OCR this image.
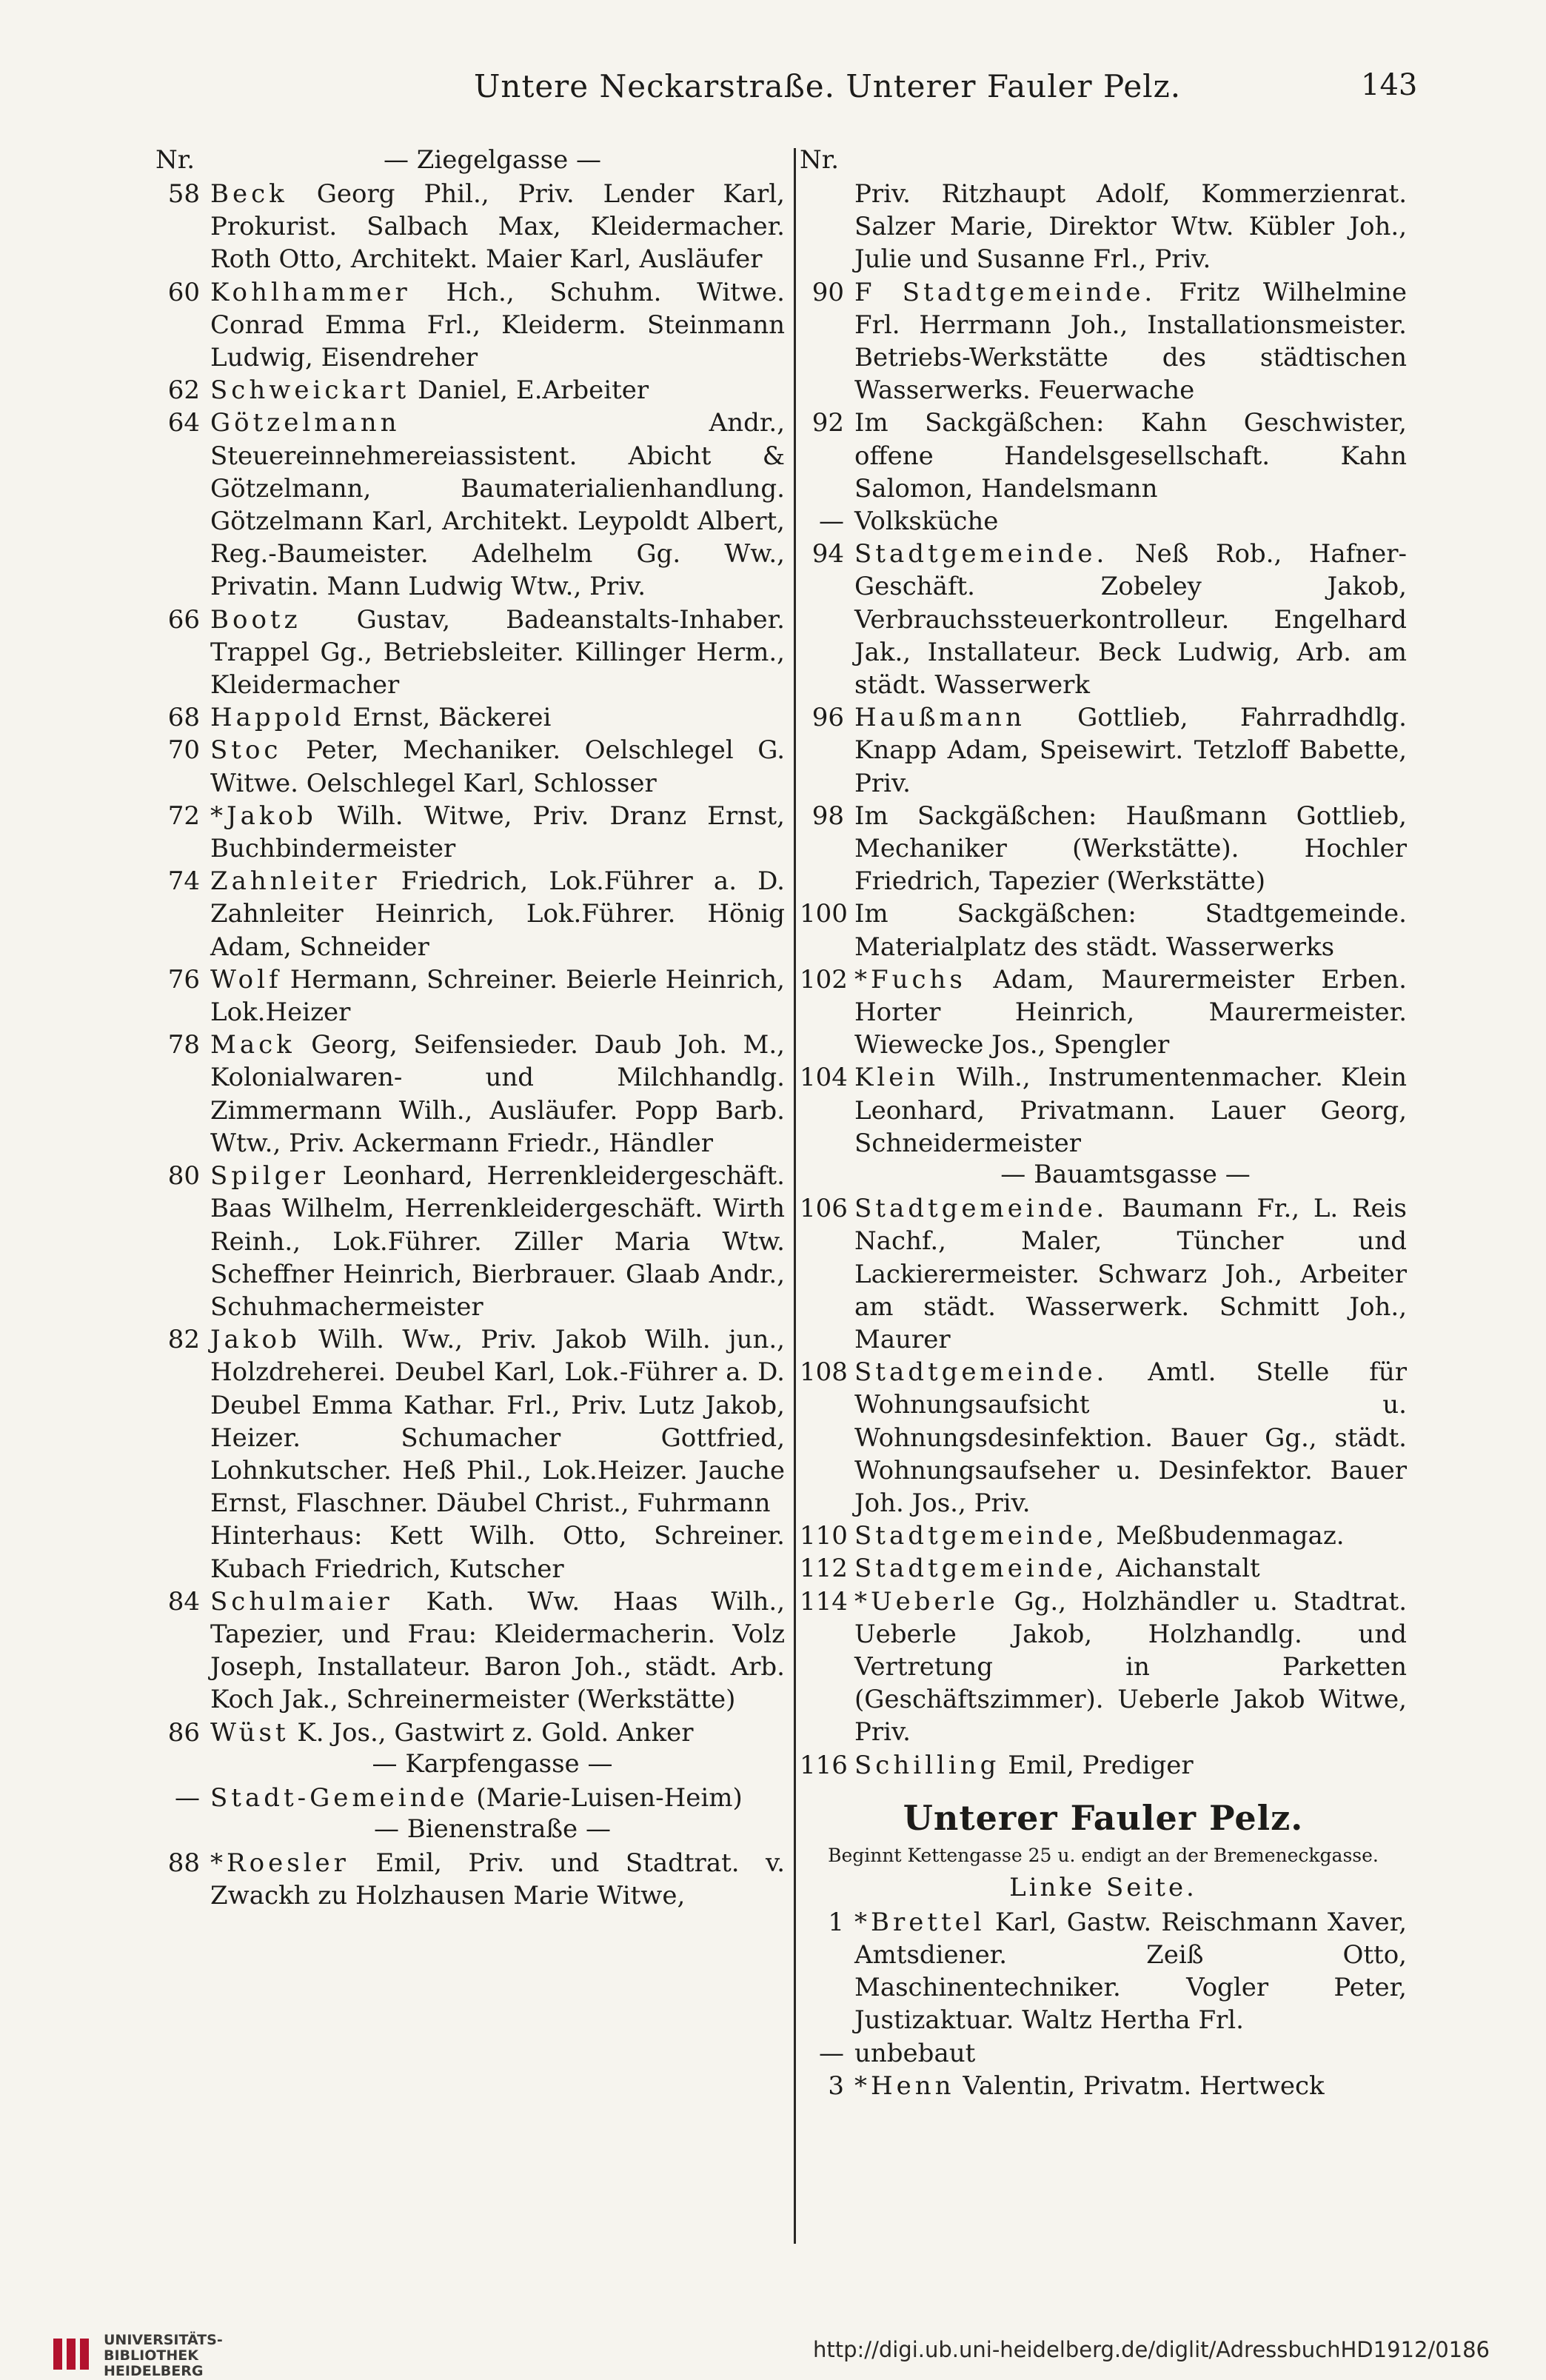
Untere Neckarstraße. Unterer Fauler Pelz.	143
Nr.	— Ziegelgasse —
58 Beck Georg Phil., Priv. Lender Karl, Prokurist. Salbach Max, Kleidermacher. Roth Otto, Architekt. Maier Karl, Ausläufer
60 Kohlhammer Hch., Schuhm. Witwe. Conrad Emma Frl., Kleiderm. Steinmann Ludwig, Eisendreher
62 Schweickart Daniel, E.Arbeiter
64 Götzelmann Andr., Steuereinnehmereiassistent. Abicht & Götzelmann, Baumaterialienhandlung. Götzelmann Karl, Architekt. Leypoldt Albert, Reg.-Baumeister. Adelhelm Gg. Ww., Privatin. Mann Ludwig Wtw., Priv.
66 Bootz Gustav, Badeanstalts-Inhaber. Trappel Gg., Betriebsleiter. Killinger Herm., Kleidermacher
68 Happold Ernst, Bäckerei
70 Stoc Peter, Mechaniker. Oelschlegel G. Witwe. Oelschlegel Karl, Schlosser
72 *Jakob Wilh. Witwe, Priv. Dranz Ernst, Buchbindermeister
74 Zahnleiter Friedrich, Lok.Führer a. D. Zahnleiter Heinrich, Lok.Führer. Hönig Adam, Schneider
76 Wolf Hermann, Schreiner. Beierle Heinrich, Lok.Heizer
78 Mack Georg, Seifensieder. Daub Joh. M., Kolonialwaren- und Milchhandlg. Zimmermann Wilh., Ausläufer. Popp Barb. Wtw., Priv. Ackermann Friedr., Händler
80 Spilger Leonhard, Herrenkleidergeschäft. Baas Wilhelm, Herrenkleidergeschäft. Wirth Reinh., Lok.Führer. Ziller Maria Wtw. Scheffner Heinrich, Bierbrauer. Glaab Andr., Schuhmachermeister
82 Jakob Wilh. Ww., Priv. Jakob Wilh. jun., Holzdreherei. Deubel Karl, Lok.-Führer a. D. Deubel Emma Kathar. Frl., Priv. Lutz Jakob, Heizer. Schumacher Gottfried, Lohnkutscher. Heß Phil., Lok.Heizer. Jauche Ernst, Flaschner. Däubel Christ., Fuhrmann
Hinterhaus: Kett Wilh. Otto, Schreiner. Kubach Friedrich, Kutscher
84 Schulmaier Kath. Ww. Haas Wilh., Tapezier, und Frau: Kleidermacherin. Volz Joseph, Installateur. Baron Joh., städt. Arb. Koch Jak., Schreinermeister (Werkstätte)
86 Wüst K. Jos., Gastwirt z. Gold. Anker
— Karpfengasse —
— Stadt-Gemeinde (Marie-Luisen-Heim)
— Bienenstraße —
88 *Roesler Emil, Priv. und Stadtrat. v. Zwackh zu Holzhausen Marie Witwe,
Nr.
Priv. Ritzhaupt Adolf, Kommerzienrat. Salzer Marie, Direktor Wtw. Kübler Joh., Julie und Susanne Frl., Priv.
90 F Stadtgemeinde. Fritz Wilhelmine Frl. Herrmann Joh., Installationsmeister. Betriebs-Werkstätte des städtischen Wasserwerks. Feuerwache
92 Im Sackgäßchen: Kahn Geschwister, offene Handelsgesellschaft. Kahn Salomon, Handelsmann
— Volksküche
94 Stadtgemeinde. Neß Rob., Hafner-Geschäft. Zobeley Jakob, Verbrauchssteuerkontrolleur. Engelhard Jak., Installateur. Beck Ludwig, Arb. am städt. Wasserwerk
96 Haußmann Gottlieb, Fahrradhdlg. Knapp Adam, Speisewirt. Tetzloff Babette, Priv.
98 Im Sackgäßchen: Haußmann Gottlieb, Mechaniker (Werkstätte). Hochler Friedrich, Tapezier (Werkstätte)
100 Im Sackgäßchen: Stadtgemeinde. Materialplatz des städt. Wasserwerks
102 *Fuchs Adam, Maurermeister Erben. Horter Heinrich, Maurermeister. Wiewecke Jos., Spengler
104 Klein Wilh., Instrumentenmacher. Klein Leonhard, Privatmann. Lauer Georg, Schneidermeister
— Bauamtsgasse —
106 Stadtgemeinde. Baumann Fr., L. Reis Nachf., Maler, Tüncher und Lackierermeister. Schwarz Joh., Arbeiter am städt. Wasserwerk. Schmitt Joh., Maurer
108 Stadtgemeinde. Amtl. Stelle für Wohnungsaufsicht u. Wohnungsdesinfektion. Bauer Gg., städt. Wohnungsaufseher u. Desinfektor. Bauer Joh. Jos., Priv.
110 Stadtgemeinde, Meßbudenmagaz.
112 Stadtgemeinde, Aichanstalt
114 *Ueberle Gg., Holzhändler u. Stadtrat. Ueberle Jakob, Holzhandlg. und Vertretung in Parketten (Geschäftszimmer). Ueberle Jakob Witwe, Priv.
116 Schilling Emil, Prediger
Unterer Fauler Pelz.
Beginnt Kettengasse 25 u. endigt an der Bremeneckgasse.
Linke Seite.
1 *Brettel Karl, Gastw. Reischmann Xaver, Amtsdiener. Zeiß Otto, Maschinentechniker. Vogler Peter, Justizaktuar. Waltz Hertha Frl.
— unbebaut
3 *Henn Valentin, Privatm. Hertweck
UNIVERSITÄTS-
BIBLIOTHEK
HEIDELBERG
http://digi.ub.uni-heidelberg.de/diglit/AdressbuchHD1912/0186
